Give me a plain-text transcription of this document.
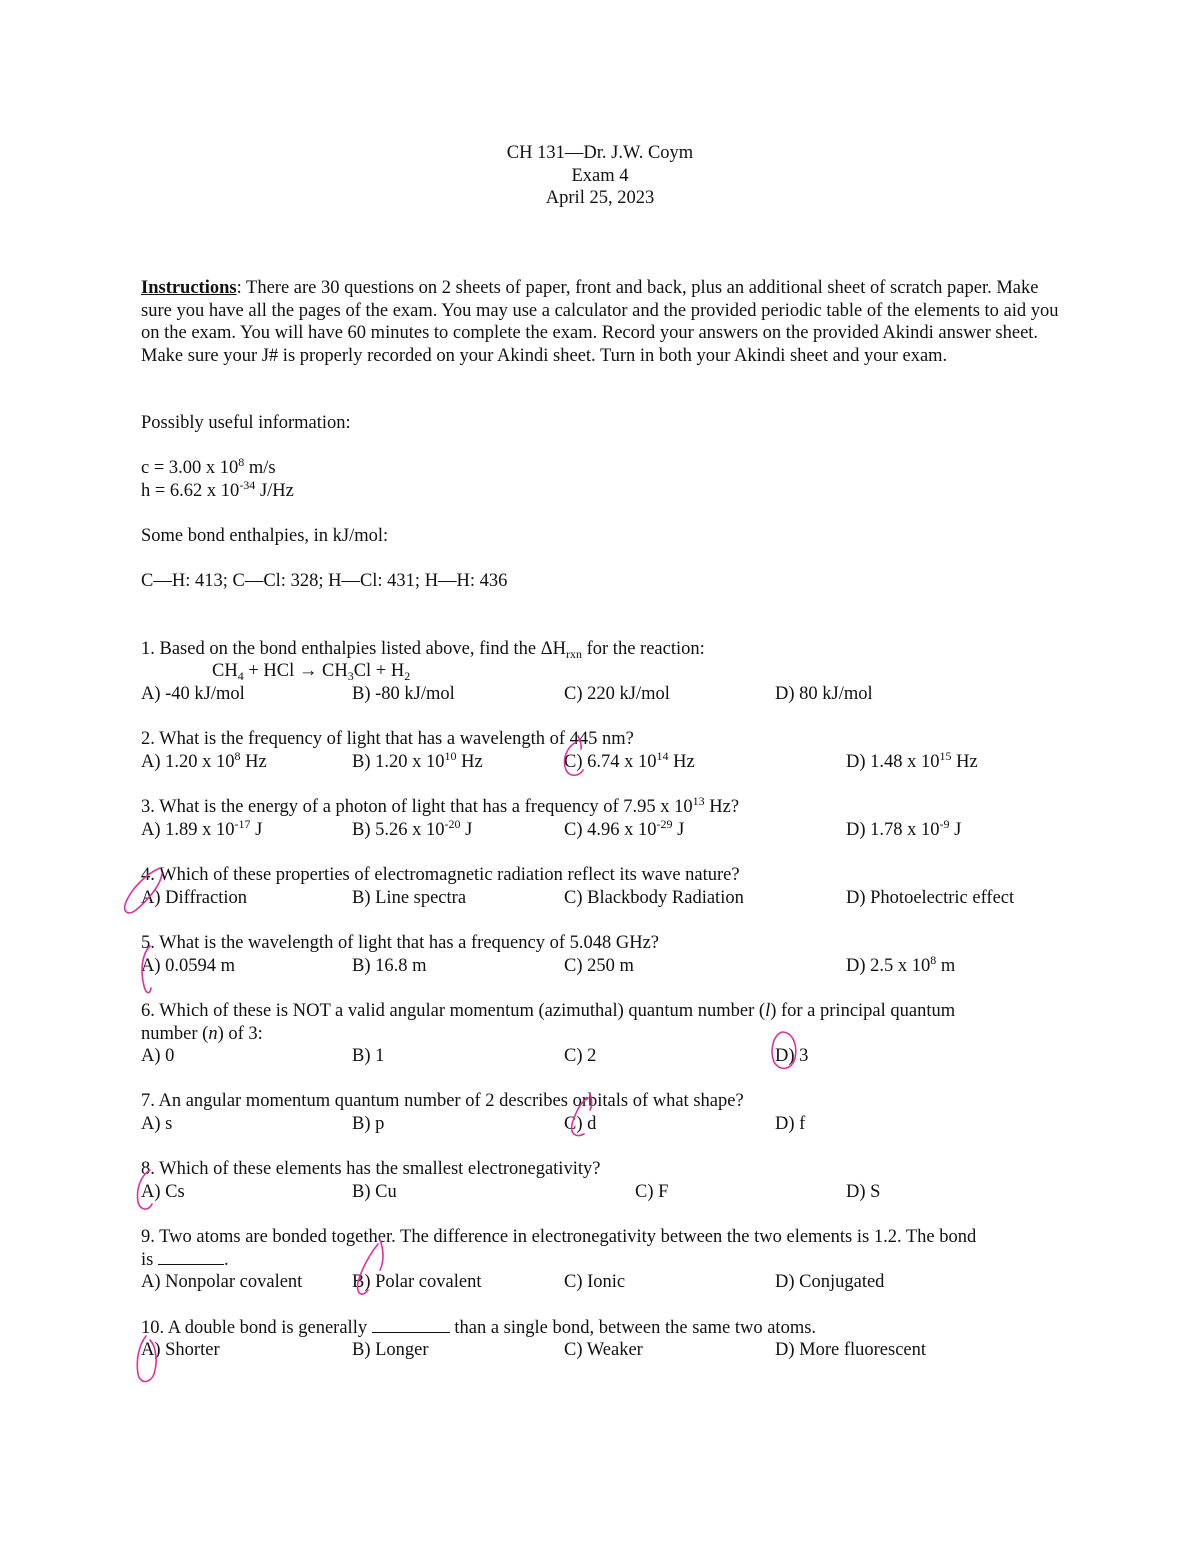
CH 131—Dr. J.W. Coym
Exam 4
April 25, 2023
Instructions: There are 30 questions on 2 sheets of paper, front and back, plus an additional sheet of scratch paper. Make sure you have all the pages of the exam. You may use a calculator and the provided periodic table of the elements to aid you on the exam. You will have 60 minutes to complete the exam. Record your answers on the provided Akindi answer sheet. Make sure your J# is properly recorded on your Akindi sheet. Turn in both your Akindi sheet and your exam.
Possibly useful information:
c = 3.00 x $10^8$ m/s
h = 6.62 x $10^{-34}$ J/Hz
Some bond enthalpies, in kJ/mol:
C—H: 413; C—Cl: 328; H—Cl: 431; H—H: 436
1. Based on the bond enthalpies listed above, find the $\Delta H_{rxn}$ for the reaction:
$CH_4$ + HCl → $CH_3Cl + H_2$
A) -40 kJ/mol	B) -80 kJ/mol	C) 220 kJ/mol	D) 80 kJ/mol
2. What is the frequency of light that has a wavelength of 445 nm?
A) 1.20 x $10^8$ Hz	B) 1.20 x $10^{10}$ Hz	C) 6.74 x $10^{14}$ Hz	D) 1.48 x $10^{15}$ Hz
3. What is the energy of a photon of light that has a frequency of 7.95 x $10^{13}$ Hz?
A) 1.89 x $10^{-17}$ J	B) 5.26 x $10^{-20}$ J	C) 4.96 x $10^{-29}$ J	D) 1.78 x $10^{-9}$ J
4. Which of these properties of electromagnetic radiation reflect its wave nature?
A) Diffraction	B) Line spectra	C) Blackbody Radiation	D) Photoelectric effect
5. What is the wavelength of light that has a frequency of 5.048 GHz?
A) 0.0594 m	B) 16.8 m	C) 250 m	D) 2.5 x $10^8$ m
6. Which of these is NOT a valid angular momentum (azimuthal) quantum number (l) for a principal quantum
number (n) of 3:
A) 0	B) 1	C) 2	D) 3
7. An angular momentum quantum number of 2 describes orbitals of what shape?
A) s	B) p	C) d	D) f
8. Which of these elements has the smallest electronegativity?
A) Cs	B) Cu	C) F	D) S
9. Two atoms are bonded together. The difference in electronegativity between the two elements is 1.2. The bond
is	.
A) Nonpolar covalent	B) Polar covalent	C) Ionic	D) Conjugated
10. A double bond is generally	than a single bond, between the same two atoms.
A) Shorter	B) Longer	C) Weaker	D) More fluorescent
